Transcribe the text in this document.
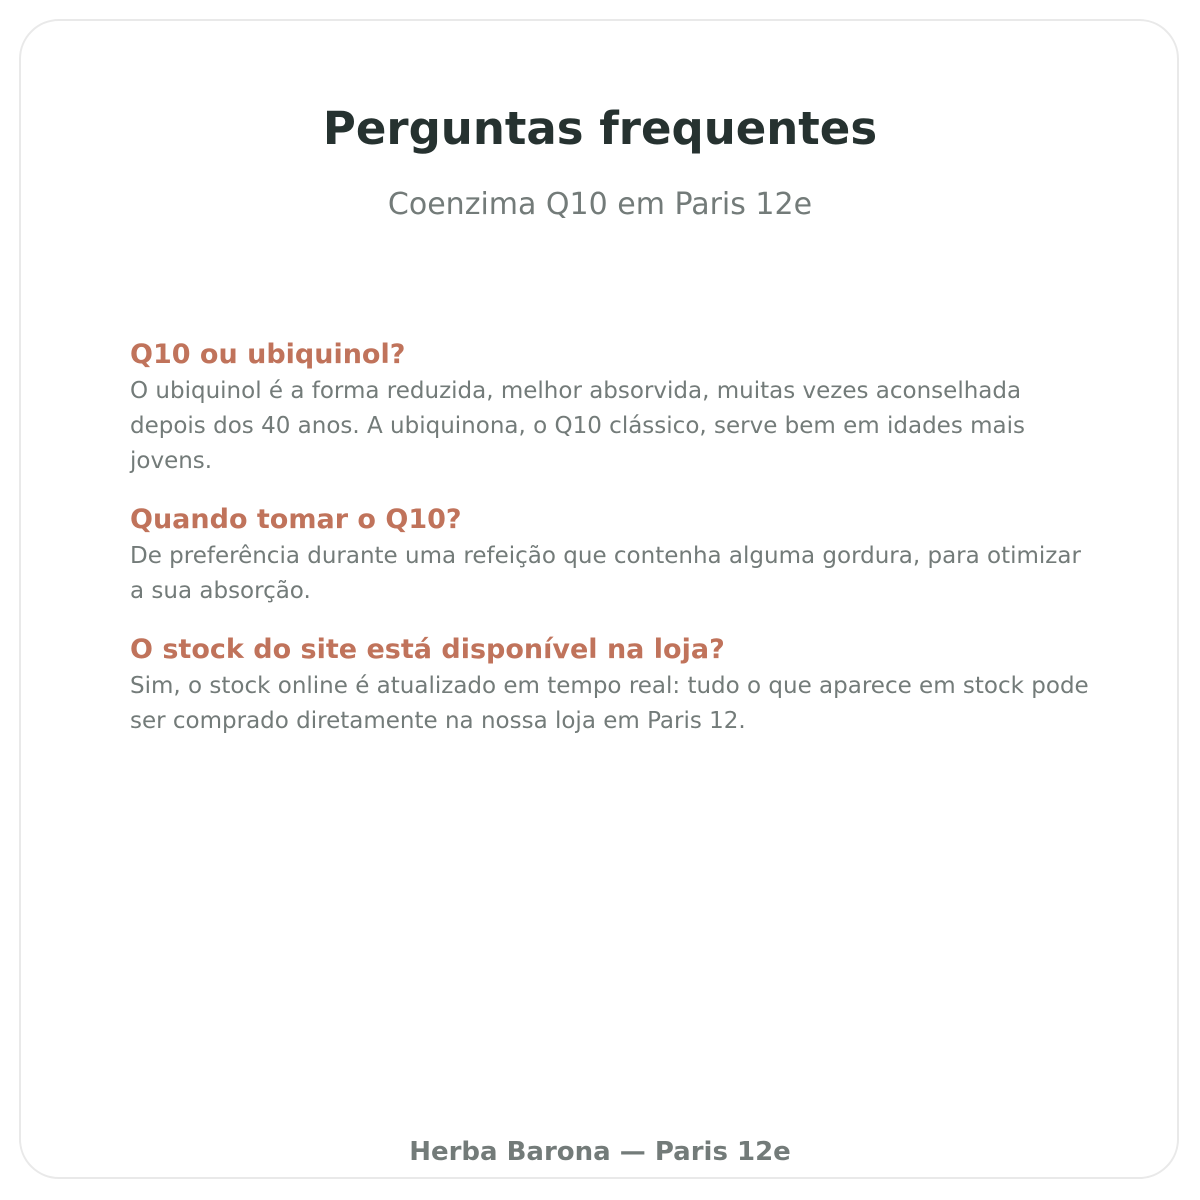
Perguntas frequentes
Coenzima Q10 em Paris 12e
Q10 ou ubiquinol?
O ubiquinol é a forma reduzida, melhor absorvida, muitas vezes aconselhada depois dos 40 anos. A ubiquinona, o Q10 clássico, serve bem em idades mais jovens.
Quando tomar o Q10?
De preferência durante uma refeição que contenha alguma gordura, para otimizar a sua absorção.
O stock do site está disponível na loja?
Sim, o stock online é atualizado em tempo real: tudo o que aparece em stock pode ser comprado diretamente na nossa loja em Paris 12.
Herba Barona — Paris 12e
